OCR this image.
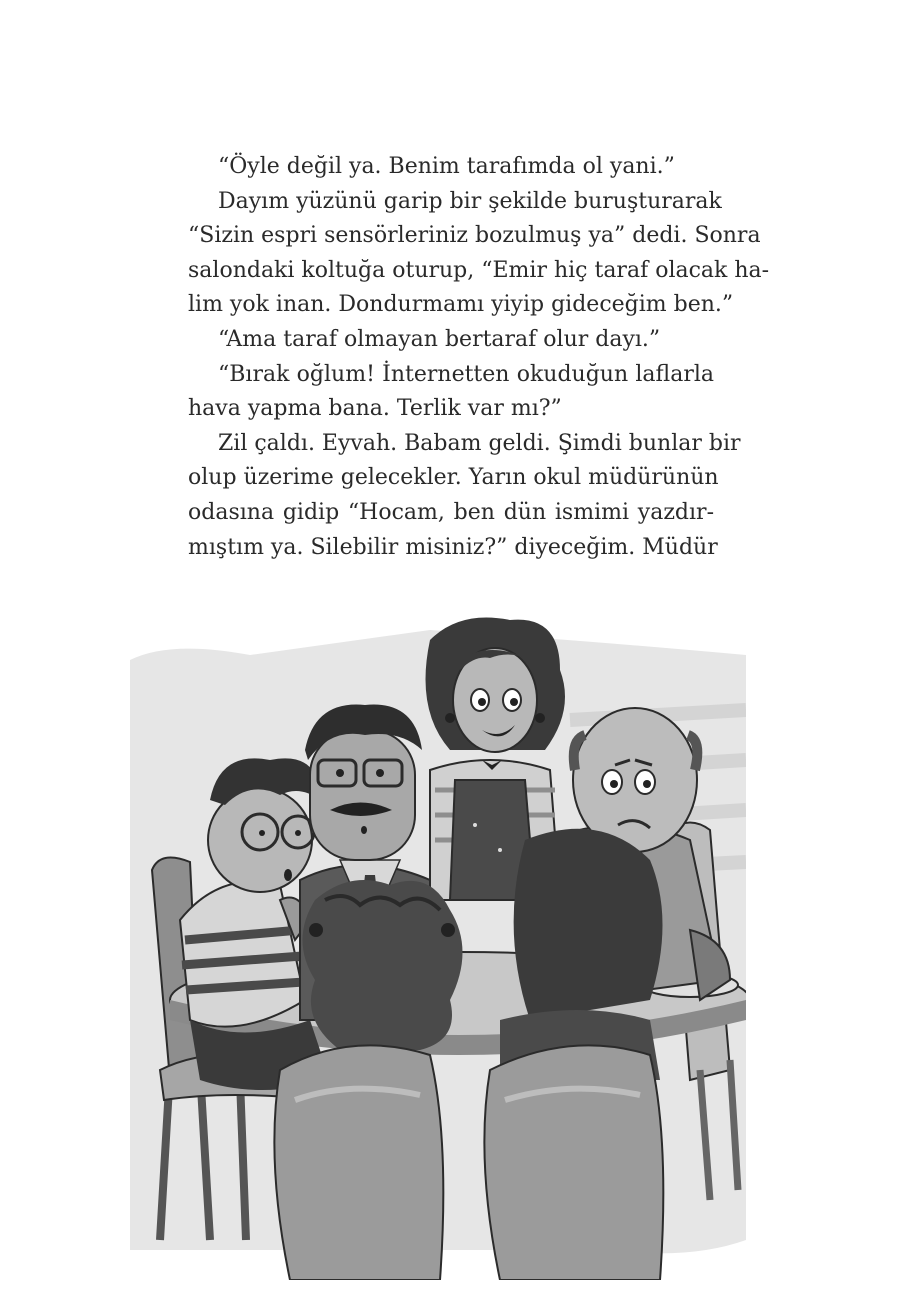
“Öyle değil ya. Benim tarafımda ol yani.”
Dayım yüzünü garip bir şekilde buruşturarak
“Sizin espri sensörleriniz bozulmuş ya” dedi. Sonra
salondaki koltuğa oturup, “Emir hiç taraf olacak ha-
lim yok inan. Dondurmamı yiyip gideceğim ben.”
“Ama taraf olmayan bertaraf olur dayı.”
“Bırak oğlum! İnternetten okuduğun laflarla
hava yapma bana. Terlik var mı?”
Zil çaldı. Eyvah. Babam geldi. Şimdi bunlar bir
olup üzerime gelecekler. Yarın okul müdürünün
odasına gidip “Hocam, ben dün ismimi yazdır-
mıştım ya. Silebilir misiniz?” diyeceğim. Müdür
